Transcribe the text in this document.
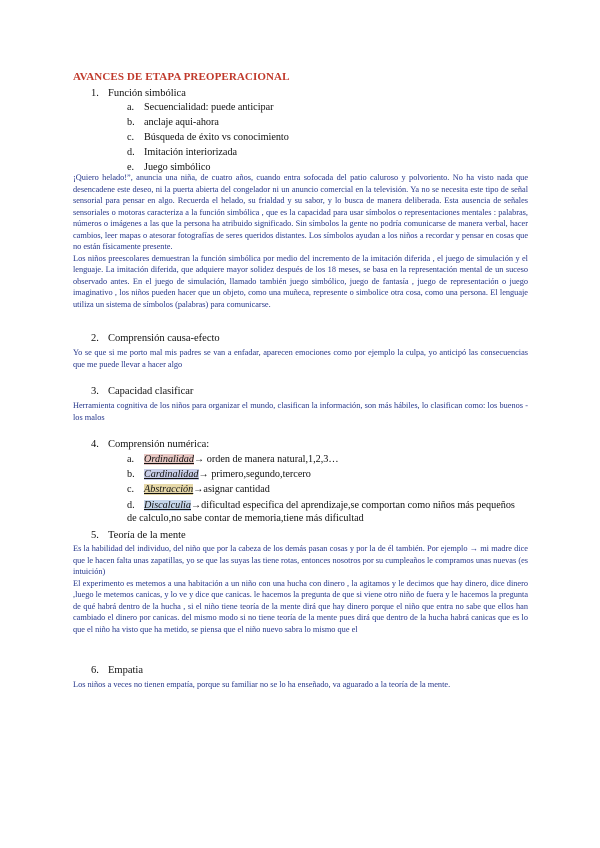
AVANCES DE ETAPA PREOPERACIONAL
1. Función simbólica
a. Secuencialidad: puede anticipar
b. anclaje aqui-ahora
c. Búsqueda de éxito vs conocimiento
d. Imitación interiorizada
e. Juego simbólico

¡Quiero helado!”, anuncia una niña, de cuatro años, cuando entra sofocada del patio caluroso y polvoriento. No ha visto nada que desencadene este deseo, ni la puerta abierta del congelador ni un anuncio comercial en la televisión. Ya no se necesita este tipo de señal sensorial para pensar en algo. Recuerda el helado, su frialdad y su sabor, y lo busca de manera deliberada. Esta ausencia de señales sensoriales o motoras caracteriza a la función simbólica , que es la capacidad para usar símbolos o representaciones mentales : palabras, números o imágenes a las que la persona ha atribuido significado. Sin símbolos la gente no podría comunicarse de manera verbal, hacer cambios, leer mapas o atesorar fotografías de seres queridos distantes. Los símbolos ayudan a los niños a recordar y pensar en cosas que no están físicamente presente.

Los niños preescolares demuestran la función simbólica por medio del incremento de la imitación diferida , el juego de simulación y el lenguaje. La imitación diferida, que adquiere mayor solidez después de los 18 meses, se basa en la representación mental de un suceso observado antes. En el juego de simulación, llamado también juego simbólico, juego de fantasía , juego de representación o juego imaginativo , los niños pueden hacer que un objeto, como una muñeca, represente o simbolice otra cosa, como una persona. El lenguaje utiliza un sistema de símbolos (palabras) para comunicarse.

2. Comprensión causa-efecto

Yo se que si me porto mal mis padres se van a enfadar, aparecen emociones como por ejemplo la culpa, yo anticipó las consecuencias que me puede llevar a hacer algo

3. Capacidad clasificar

Herramienta cognitiva de los niños para organizar el mundo, clasifican la información, son más hábiles, lo clasifican como: los buenos - los malos

4. Comprensión numérica:
a. Ordinalidad→ orden de manera natural,1,2,3…
b. Cardinalidad→ primero,segundo,tercero
c. Abstracción→asignar cantidad
d. Discalculia→dificultad especifica del aprendizaje,se comportan como niños más pequeños de calculo,no sabe contar de memoria,tiene más dificultad
5. Teoría de la mente

Es la habilidad del individuo, del niño que por la cabeza de los demás pasan cosas y por la de él también. Por ejemplo → mi madre dice que le hacen falta unas zapatillas, yo se que las suyas las tiene rotas, entonces nosotros por su cumpleaños le compramos unas nuevas (es intuición)

El experimento es metemos a una habitación a un niño con una hucha con dinero , la agitamos y le decimos que hay dinero, dice dinero ,luego le metemos canicas, y lo ve y dice que canicas. le hacemos la pregunta de que si viene otro niño de fuera y le hacemos la pregunta de qué habrá dentro de la hucha , si el niño tiene teoría de la mente dirá que hay dinero porque el niño que entra no sabe que ellos han cambiado el dinero por canicas. del mismo modo si no tiene teoría de la mente pues dirá que dentro de la hucha habrá canicas que es lo que el niño ha visto que ha metido, se piensa que el niño nuevo sabra lo mismo que el

6. Empatia

Los niños a veces no tienen empatía, porque su familiar no se lo ha enseñado, va aguarado a la teoría de la mente.
